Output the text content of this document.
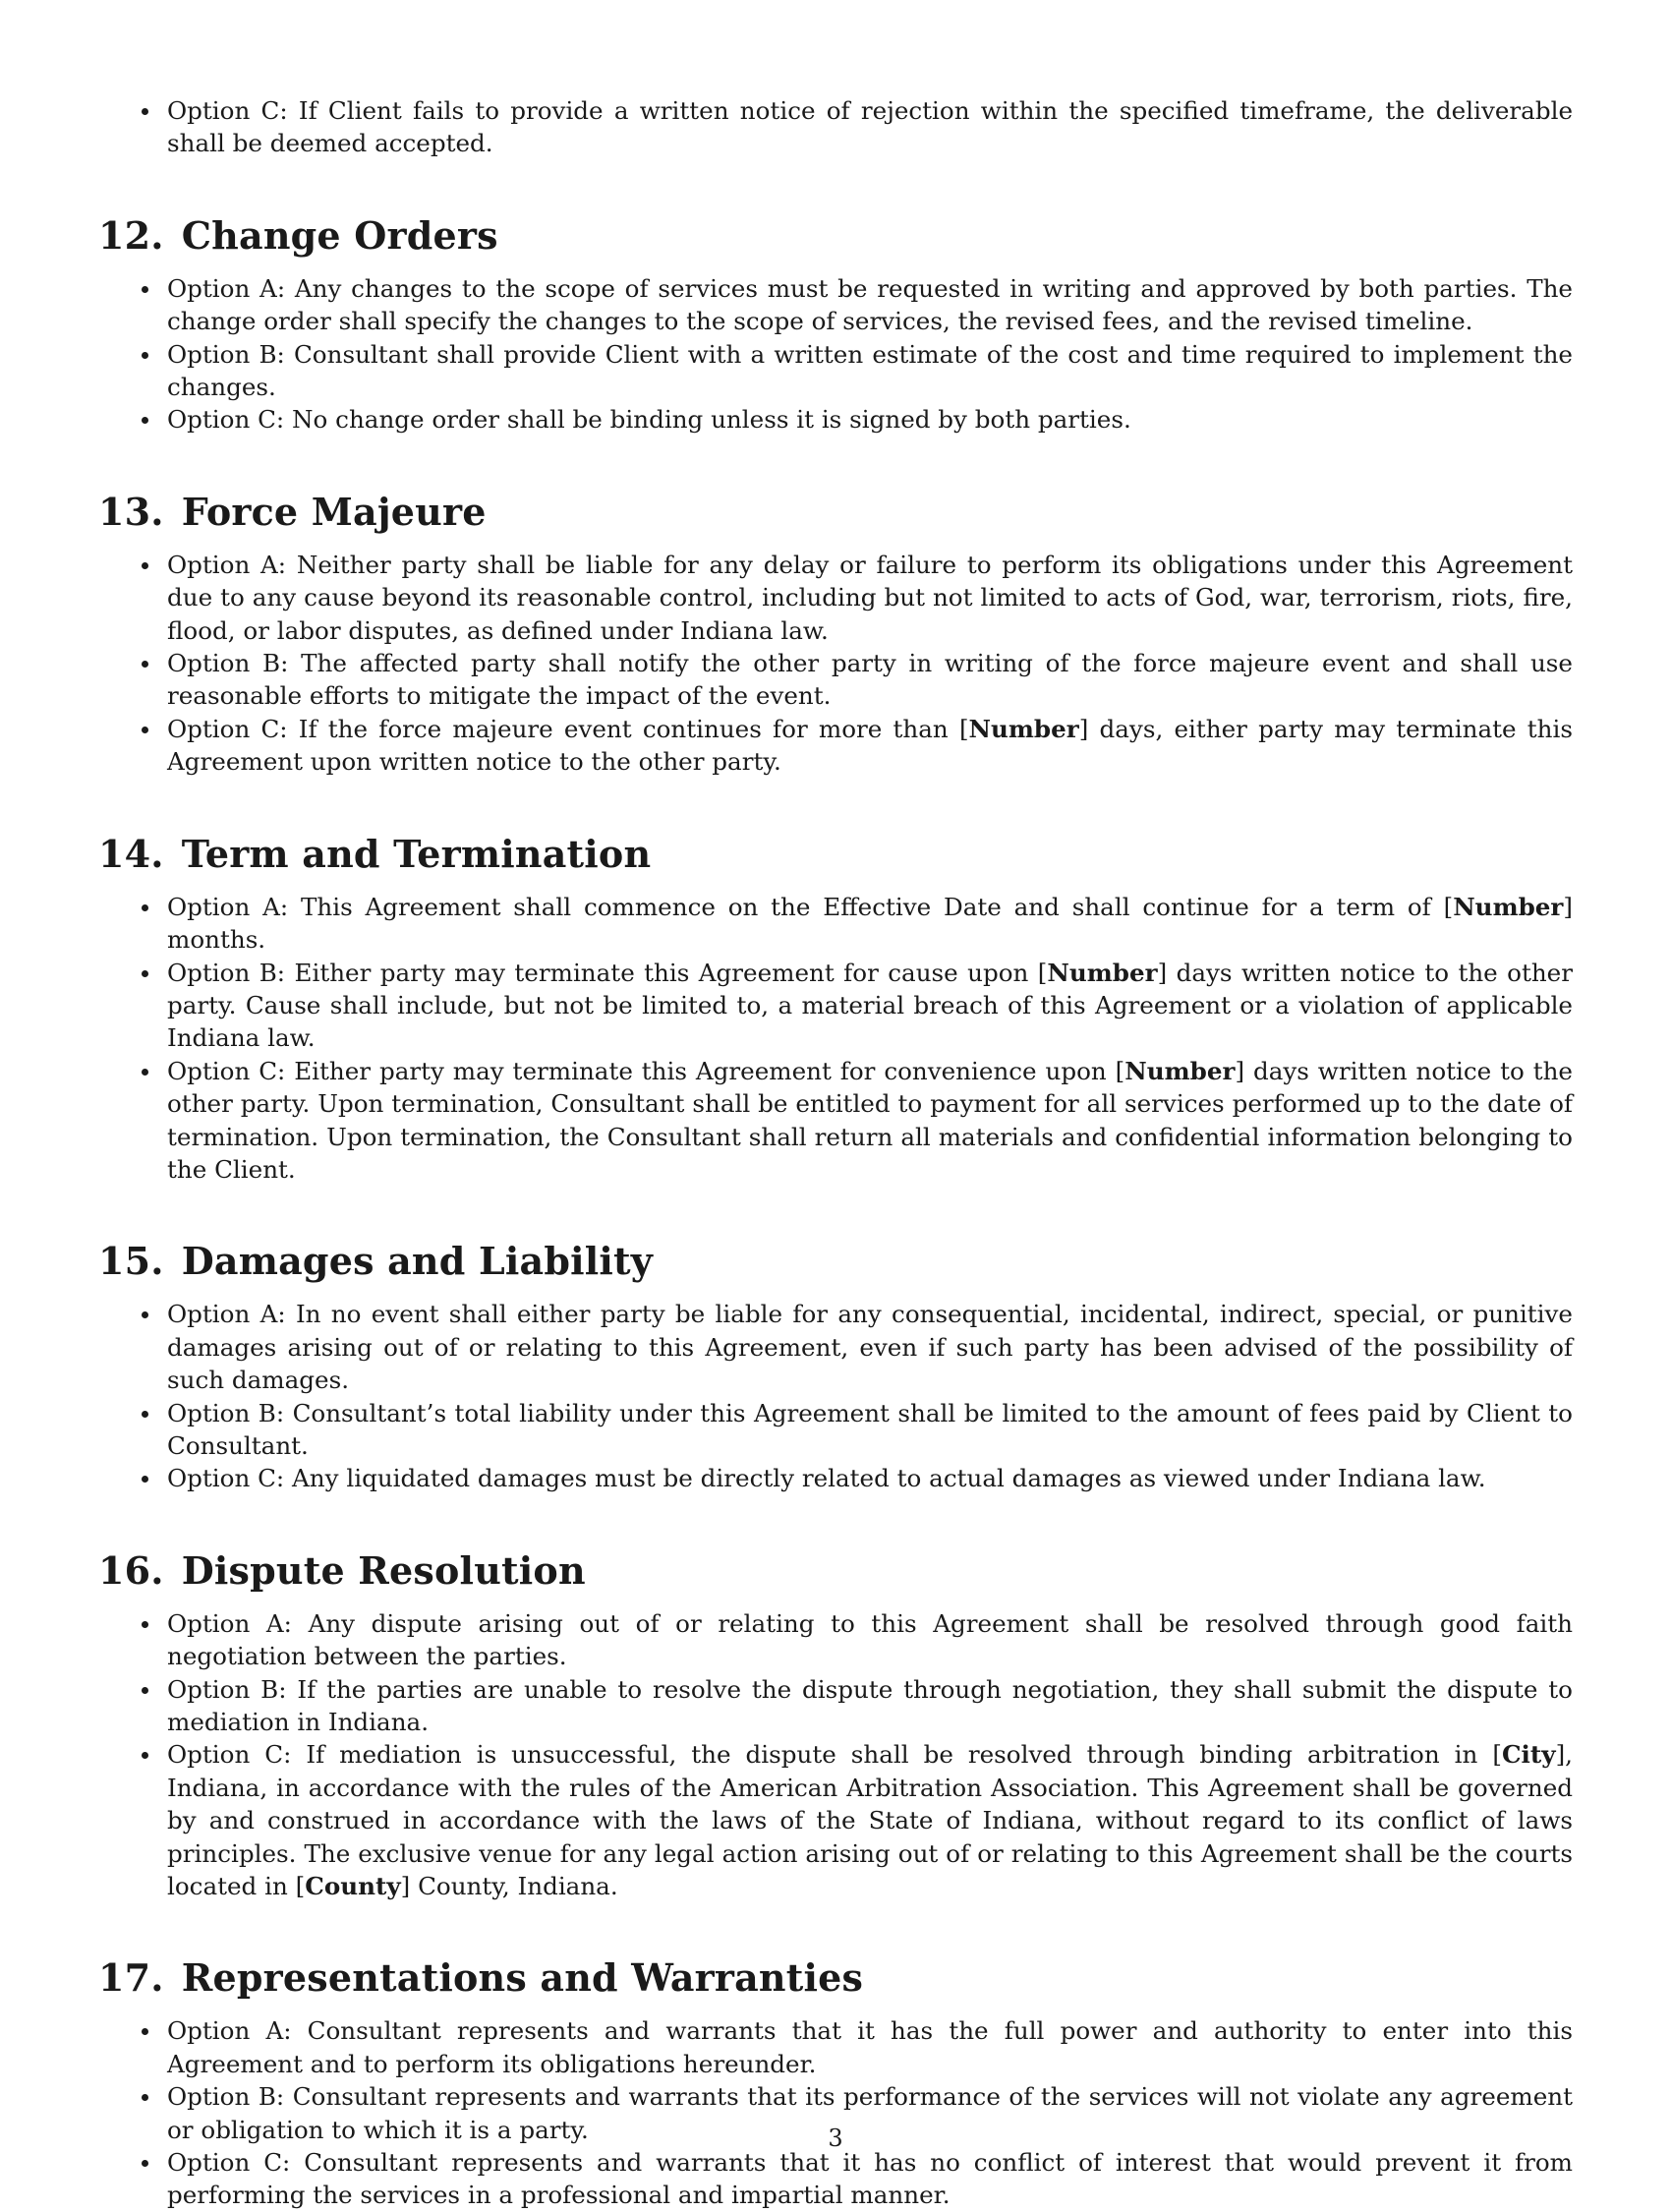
Option C: If Client fails to provide a written notice of rejection within the specified timeframe, the deliverable shall be deemed accepted.
12. Change Orders
Option A: Any changes to the scope of services must be requested in writing and approved by both parties. The change order shall specify the changes to the scope of services, the revised fees, and the revised timeline.
Option B: Consultant shall provide Client with a written estimate of the cost and time required to implement the changes.
Option C: No change order shall be binding unless it is signed by both parties.
13. Force Majeure
Option A: Neither party shall be liable for any delay or failure to perform its obligations under this Agreement due to any cause beyond its reasonable control, including but not limited to acts of God, war, terrorism, riots, fire, flood, or labor disputes, as defined under Indiana law.
Option B: The affected party shall notify the other party in writing of the force majeure event and shall use reasonable efforts to mitigate the impact of the event.
Option C: If the force majeure event continues for more than [Number] days, either party may terminate this Agreement upon written notice to the other party.
14. Term and Termination
Option A: This Agreement shall commence on the Effective Date and shall continue for a term of [Number] months.
Option B: Either party may terminate this Agreement for cause upon [Number] days written notice to the other party. Cause shall include, but not be limited to, a material breach of this Agreement or a violation of applicable Indiana law.
Option C: Either party may terminate this Agreement for convenience upon [Number] days written notice to the other party. Upon termination, Consultant shall be entitled to payment for all services performed up to the date of termination. Upon termination, the Consultant shall return all materials and confidential information belonging to the Client.
15. Damages and Liability
Option A: In no event shall either party be liable for any consequential, incidental, indirect, special, or punitive damages arising out of or relating to this Agreement, even if such party has been advised of the possibility of such damages.
Option B: Consultant’s total liability under this Agreement shall be limited to the amount of fees paid by Client to Consultant.
Option C: Any liquidated damages must be directly related to actual damages as viewed under Indiana law.
16. Dispute Resolution
Option A: Any dispute arising out of or relating to this Agreement shall be resolved through good faith negotiation between the parties.
Option B: If the parties are unable to resolve the dispute through negotiation, they shall submit the dispute to mediation in Indiana.
Option C: If mediation is unsuccessful, the dispute shall be resolved through binding arbitration in [City], Indiana, in accordance with the rules of the American Arbitration Association. This Agreement shall be governed by and construed in accordance with the laws of the State of Indiana, without regard to its conflict of laws principles. The exclusive venue for any legal action arising out of or relating to this Agreement shall be the courts located in [County] County, Indiana.
17. Representations and Warranties
Option A: Consultant represents and warrants that it has the full power and authority to enter into this Agreement and to perform its obligations hereunder.
Option B: Consultant represents and warrants that its performance of the services will not violate any agreement or obligation to which it is a party.
Option C: Consultant represents and warrants that it has no conflict of interest that would prevent it from performing the services in a professional and impartial manner.
3
